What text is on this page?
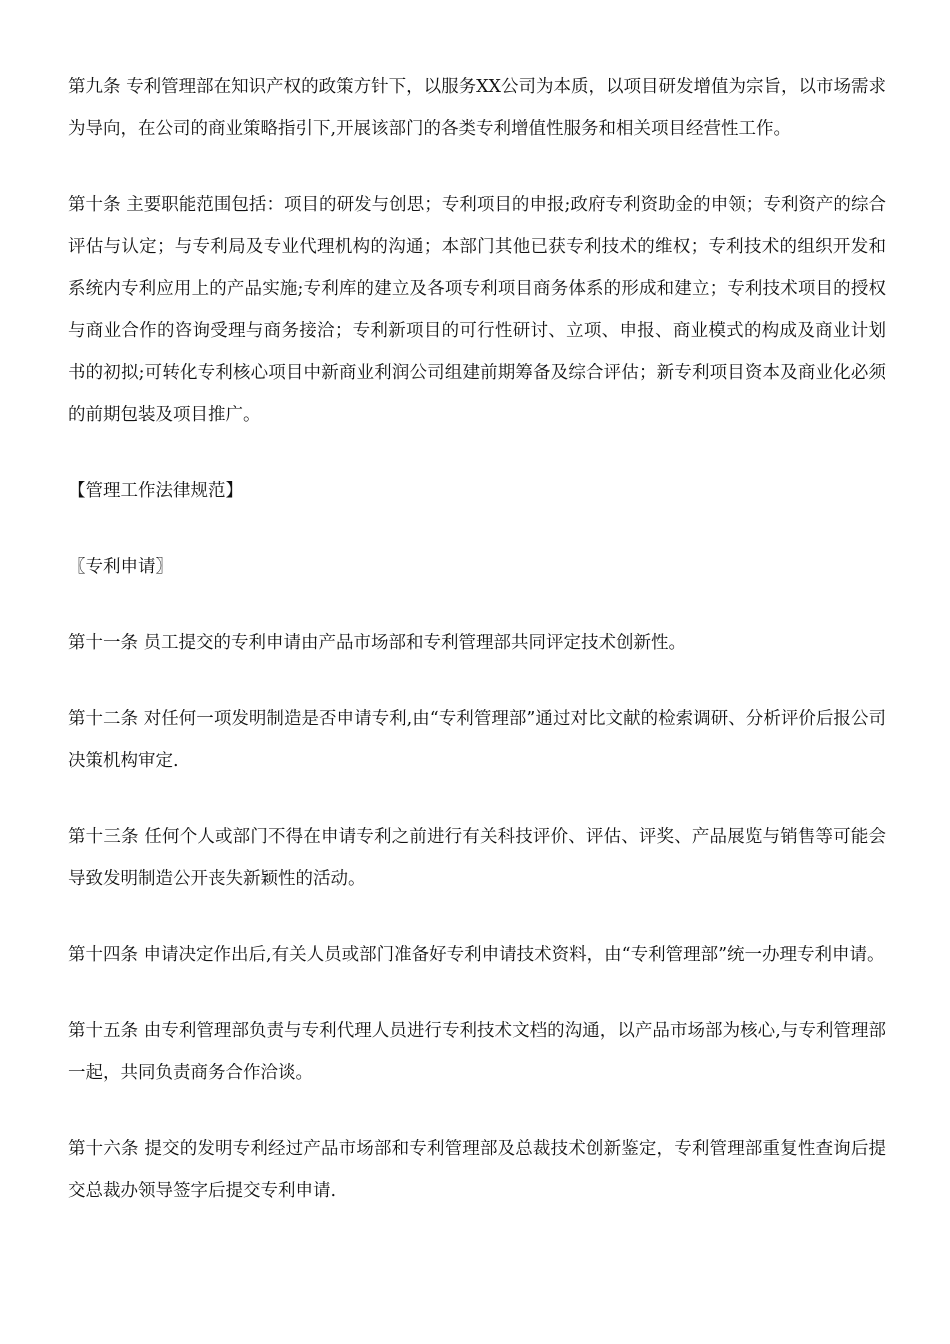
第九条 专利管理部在知识产权的政策方针下，以服务XX公司为本质，以项目研发增值为宗旨，以市场需求为导向，在公司的商业策略指引下,开展该部门的各类专利增值性服务和相关项目经营性工作。

第十条 主要职能范围包括：项目的研发与创思；专利项目的申报;政府专利资助金的申领；专利资产的综合评估与认定；与专利局及专业代理机构的沟通；本部门其他已获专利技术的维权；专利技术的组织开发和系统内专利应用上的产品实施;专利库的建立及各项专利项目商务体系的形成和建立；专利技术项目的授权与商业合作的咨询受理与商务接洽；专利新项目的可行性研讨、立项、申报、商业模式的构成及商业计划书的初拟;可转化专利核心项目中新商业利润公司组建前期筹备及综合评估；新专利项目资本及商业化必须的前期包装及项目推广。

【管理工作法律规范】

〖专利申请〗

第十一条 员工提交的专利申请由产品市场部和专利管理部共同评定技术创新性。

第十二条 对任何一项发明制造是否申请专利,由“专利管理部”通过对比文献的检索调研、分析评价后报公司决策机构审定.

第十三条 任何个人或部门不得在申请专利之前进行有关科技评价、评估、评奖、产品展览与销售等可能会导致发明制造公开丧失新颖性的活动。

第十四条 申请决定作出后,有关人员或部门准备好专利申请技术资料，由“专利管理部”统一办理专利申请。

第十五条 由专利管理部负责与专利代理人员进行专利技术文档的沟通，以产品市场部为核心,与专利管理部一起，共同负责商务合作洽谈。

第十六条 提交的发明专利经过产品市场部和专利管理部及总裁技术创新鉴定，专利管理部重复性查询后提交总裁办领导签字后提交专利申请.
